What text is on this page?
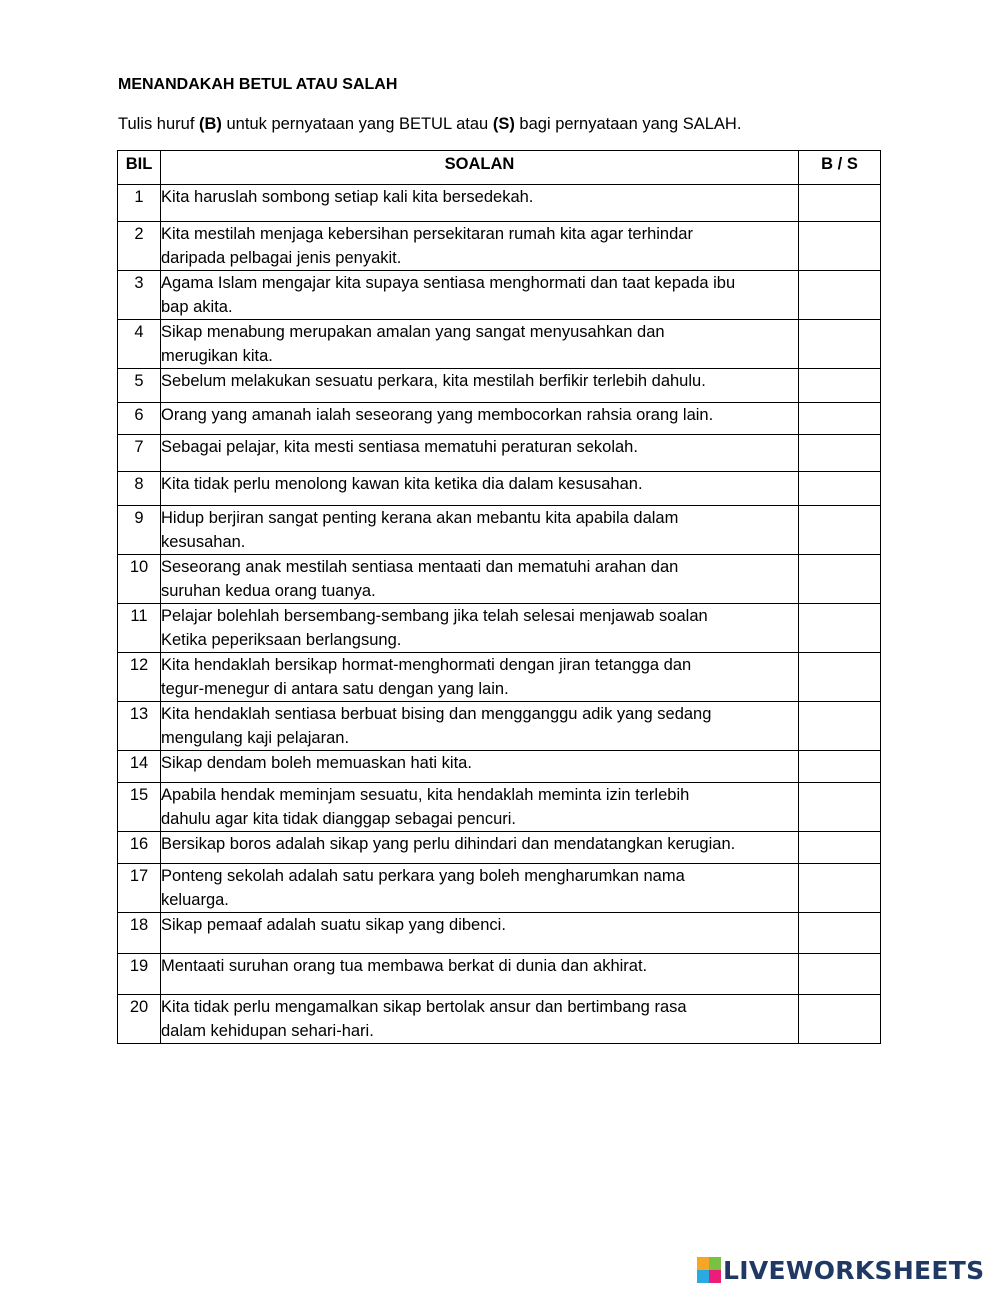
MENANDAKAH BETUL ATAU SALAH
Tulis huruf (B) untuk pernyataan yang BETUL atau (S) bagi pernyataan yang SALAH.
BIL	SOALAN	B / S
1	Kita haruslah sombong setiap kali kita bersedekah.	

2	Kita mestilah menjaga kebersihan persekitaran rumah kita agar terhindar
daripada pelbagai jenis penyakit.	

3	Agama Islam mengajar kita supaya sentiasa menghormati dan taat kepada ibu
bap akita.	

4	Sikap menabung merupakan amalan yang sangat menyusahkan dan
merugikan kita.	

5	Sebelum melakukan sesuatu perkara, kita mestilah berfikir terlebih dahulu.	

6	Orang yang amanah ialah seseorang yang membocorkan rahsia orang lain.	

7	Sebagai pelajar, kita mesti sentiasa mematuhi peraturan sekolah.	

8	Kita tidak perlu menolong kawan kita ketika dia dalam kesusahan.	

9	Hidup berjiran sangat penting kerana akan mebantu kita apabila dalam
kesusahan.	

10	Seseorang anak mestilah sentiasa mentaati dan mematuhi arahan dan
suruhan kedua orang tuanya.	

11	Pelajar bolehlah bersembang-sembang jika telah selesai menjawab soalan
Ketika peperiksaan berlangsung.	

12	Kita hendaklah bersikap hormat-menghormati dengan jiran tetangga dan
tegur-menegur di antara satu dengan yang lain.	

13	Kita hendaklah sentiasa berbuat bising dan mengganggu adik yang sedang
mengulang kaji pelajaran.	

14	Sikap dendam boleh memuaskan hati kita.	

15	Apabila hendak meminjam sesuatu, kita hendaklah meminta izin terlebih
dahulu agar kita tidak dianggap sebagai pencuri.	

16	Bersikap boros adalah sikap yang perlu dihindari dan mendatangkan kerugian.	

17	Ponteng sekolah adalah satu perkara yang boleh mengharumkan nama
keluarga.	

18	Sikap pemaaf adalah suatu sikap yang dibenci.	

19	Mentaati suruhan orang tua membawa berkat di dunia dan akhirat.	

20	Kita tidak perlu mengamalkan sikap bertolak ansur dan bertimbang rasa
dalam kehidupan sehari-hari.	

LIVEWORKSHEETS
